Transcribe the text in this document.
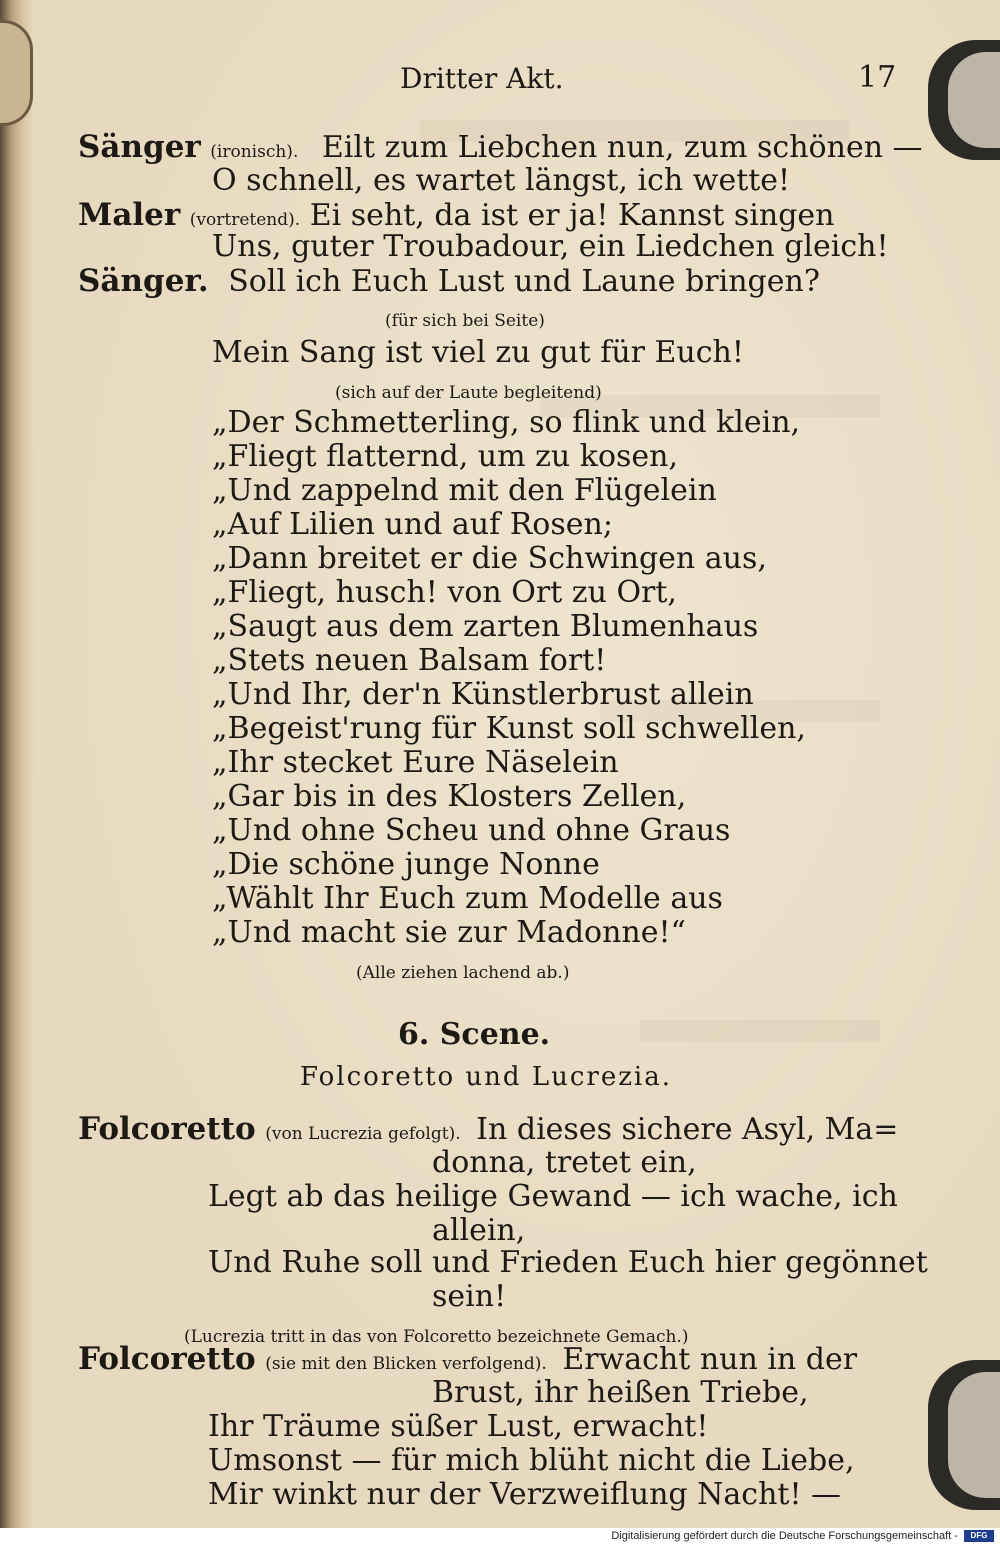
Dritter Akt.	17
Sänger (ironisch). Eilt zum Liebchen nun, zum schönen —
O schnell, es wartet längst, ich wette!
Maler (vortretend). Ei seht, da ist er ja! Kannst singen
Uns, guter Troubadour, ein Liedchen gleich!
Sänger. Soll ich Euch Lust und Laune bringen?
(für sich bei Seite)
Mein Sang ist viel zu gut für Euch!
(sich auf der Laute begleitend)
„Der Schmetterling, so flink und klein,
„Fliegt flatternd, um zu kosen,
„Und zappelnd mit den Flügelein
„Auf Lilien und auf Rosen;
„Dann breitet er die Schwingen aus,
„Fliegt, husch! von Ort zu Ort,
„Saugt aus dem zarten Blumenhaus
„Stets neuen Balsam fort!
„Und Ihr, der'n Künstlerbrust allein
„Begeist'rung für Kunst soll schwellen,
„Ihr stecket Eure Näselein
„Gar bis in des Klosters Zellen,
„Und ohne Scheu und ohne Graus
„Die schöne junge Nonne
„Wählt Ihr Euch zum Modelle aus
„Und macht sie zur Madonne!“
(Alle ziehen lachend ab.)
6. Scene.
Folcoretto und Lucrezia.
Folcoretto (von Lucrezia gefolgt). In dieses sichere Asyl, Ma=
donna, tretet ein,
Legt ab das heilige Gewand — ich wache, ich
allein,
Und Ruhe soll und Frieden Euch hier gegönnet
sein!
(Lucrezia tritt in das von Folcoretto bezeichnete Gemach.)
Folcoretto (sie mit den Blicken verfolgend). Erwacht nun in der
Brust, ihr heißen Triebe,
Ihr Träume süßer Lust, erwacht!
Umsonst — für mich blüht nicht die Liebe,
Mir winkt nur der Verzweiflung Nacht! —
Digitalisierung gefördert durch die Deutsche Forschungsgemeinschaft -	DFG
